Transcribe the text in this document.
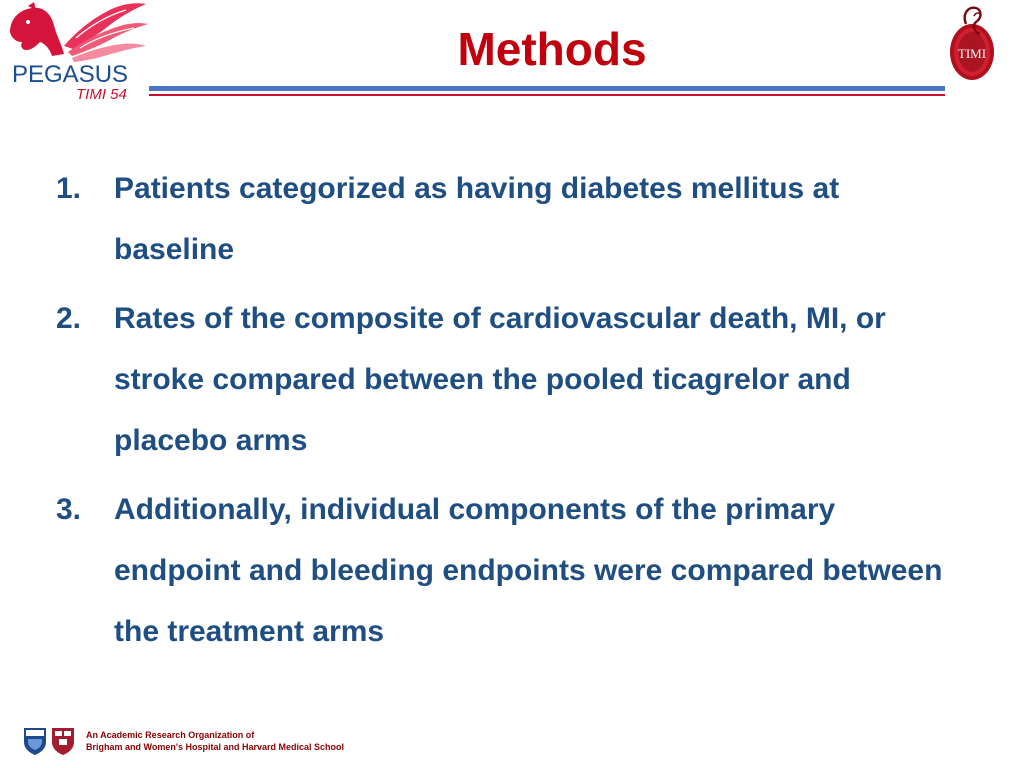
PEGASUS
TIMI 54
Methods	TIMI
1. Patients categorized as having diabetes mellitus at baseline
2. Rates of the composite of cardiovascular death, MI, or stroke compared between the pooled ticagrelor and placebo arms
3. Additionally, individual components of the primary endpoint and bleeding endpoints were compared between the treatment arms
An Academic Research Organization of
Brigham and Women's Hospital and Harvard Medical School
